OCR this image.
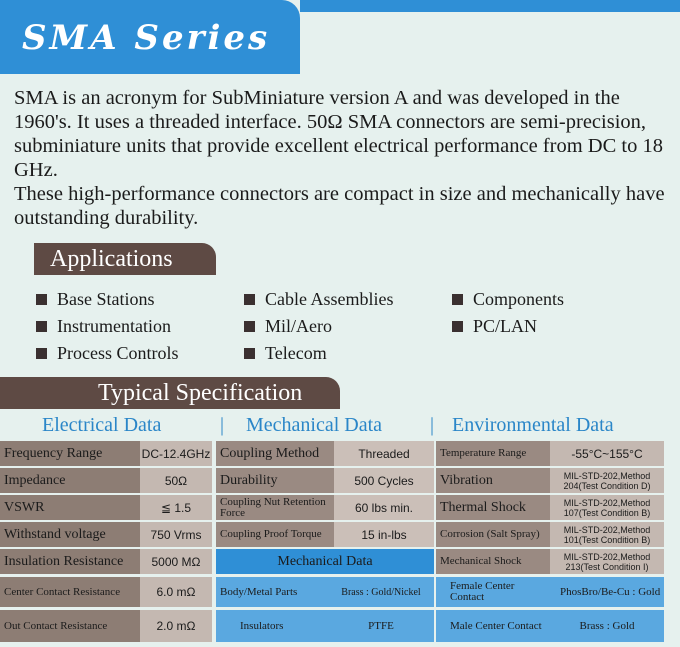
SMA Series

SMA is an acronym for SubMiniature version A and was developed in the 1960's. It uses a threaded interface. 50Ω SMA connectors are semi-precision, subminiature units that provide excellent electrical performance from DC to 18 GHz.

These high-performance connectors are compact in size and mechanically have outstanding durability.

Applications
Base Stations	Cable Assemblies	Components
Instrumentation	Mil/Aero	PC/LAN
Process Controls	Telecom
Typical Specification
Electrical Data	| Mechanical Data | Environmental Data
Frequency Range	DC-12.4GHz Coupling Method	Threaded	Temperature Range	-55°C~155°C
Impedance	50Ω	Durability	500 Cycles	Vibration	MIL-STD-202,Method 204(Test Condition D)
VSWR	≦ 1.5	Coupling Nut Retention Force	60 lbs min.	Thermal Shock	MIL-STD-202,Method 107(Test Condition B)
Withstand voltage	750 Vrms	Coupling Proof Torque	15 in-lbs	Corrosion (Salt Spray)	MIL-STD-202,Method 101(Test Condition B)
Insulation Resistance	5000 MΩ	Mechanical Data	Mechanical Shock	MIL-STD-202,Method 213(Test Condition I)
Center Contact Resistance	6.0 mΩ	Body/Metal Parts	Brass : Gold/Nickel	Female Center Contact	PhosBro/Be-Cu : Gold
Out Contact Resistance	2.0 mΩ	Insulators	PTFE	Male Center Contact	Brass : Gold
